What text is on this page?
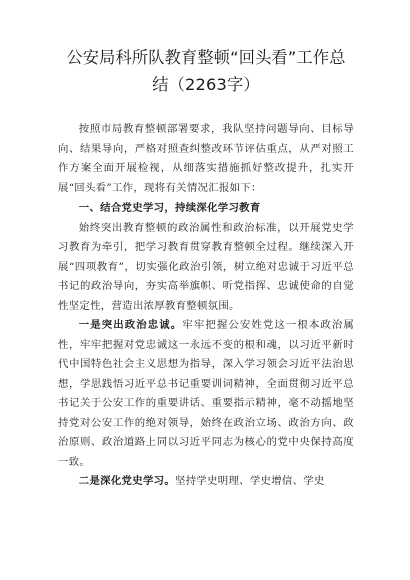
公安局科所队教育整顿“回头看”工作总
结（2263字）

按照市局教育整顿部署要求，我队坚持问题导向、目标导向、结果导向，严格对照查纠整改环节评估重点，从严对照工作方案全面开展检视，从细落实措施抓好整改提升，扎实开展“回头看”工作，现将有关情况汇报如下：

一、结合党史学习，持续深化学习教育

始终突出教育整顿的政治属性和政治标准，以开展党史学习教育为牵引，把学习教育贯穿教育整顿全过程。继续深入开展“四项教育”，切实强化政治引领，树立绝对忠诚于习近平总书记的政治导向，夯实高举旗帜、听党指挥、忠诚使命的自觉性坚定性，营造出浓厚教育整顿氛围。

一是突出政治忠诚。牢牢把握公安姓党这一根本政治属性，牢牢把握对党忠诚这一永远不变的根和魂，以习近平新时代中国特色社会主义思想为指导，深入学习领会习近平法治思想，学思践悟习近平总书记重要训词精神，全面贯彻习近平总书记关于公安工作的重要讲话、重要指示精神，毫不动摇地坚持党对公安工作的绝对领导，始终在政治立场、政治方向、政治原则、政治道路上同以习近平同志为核心的党中央保持高度一致。

二是深化党史学习。坚持学史明理、学史增信、学史
